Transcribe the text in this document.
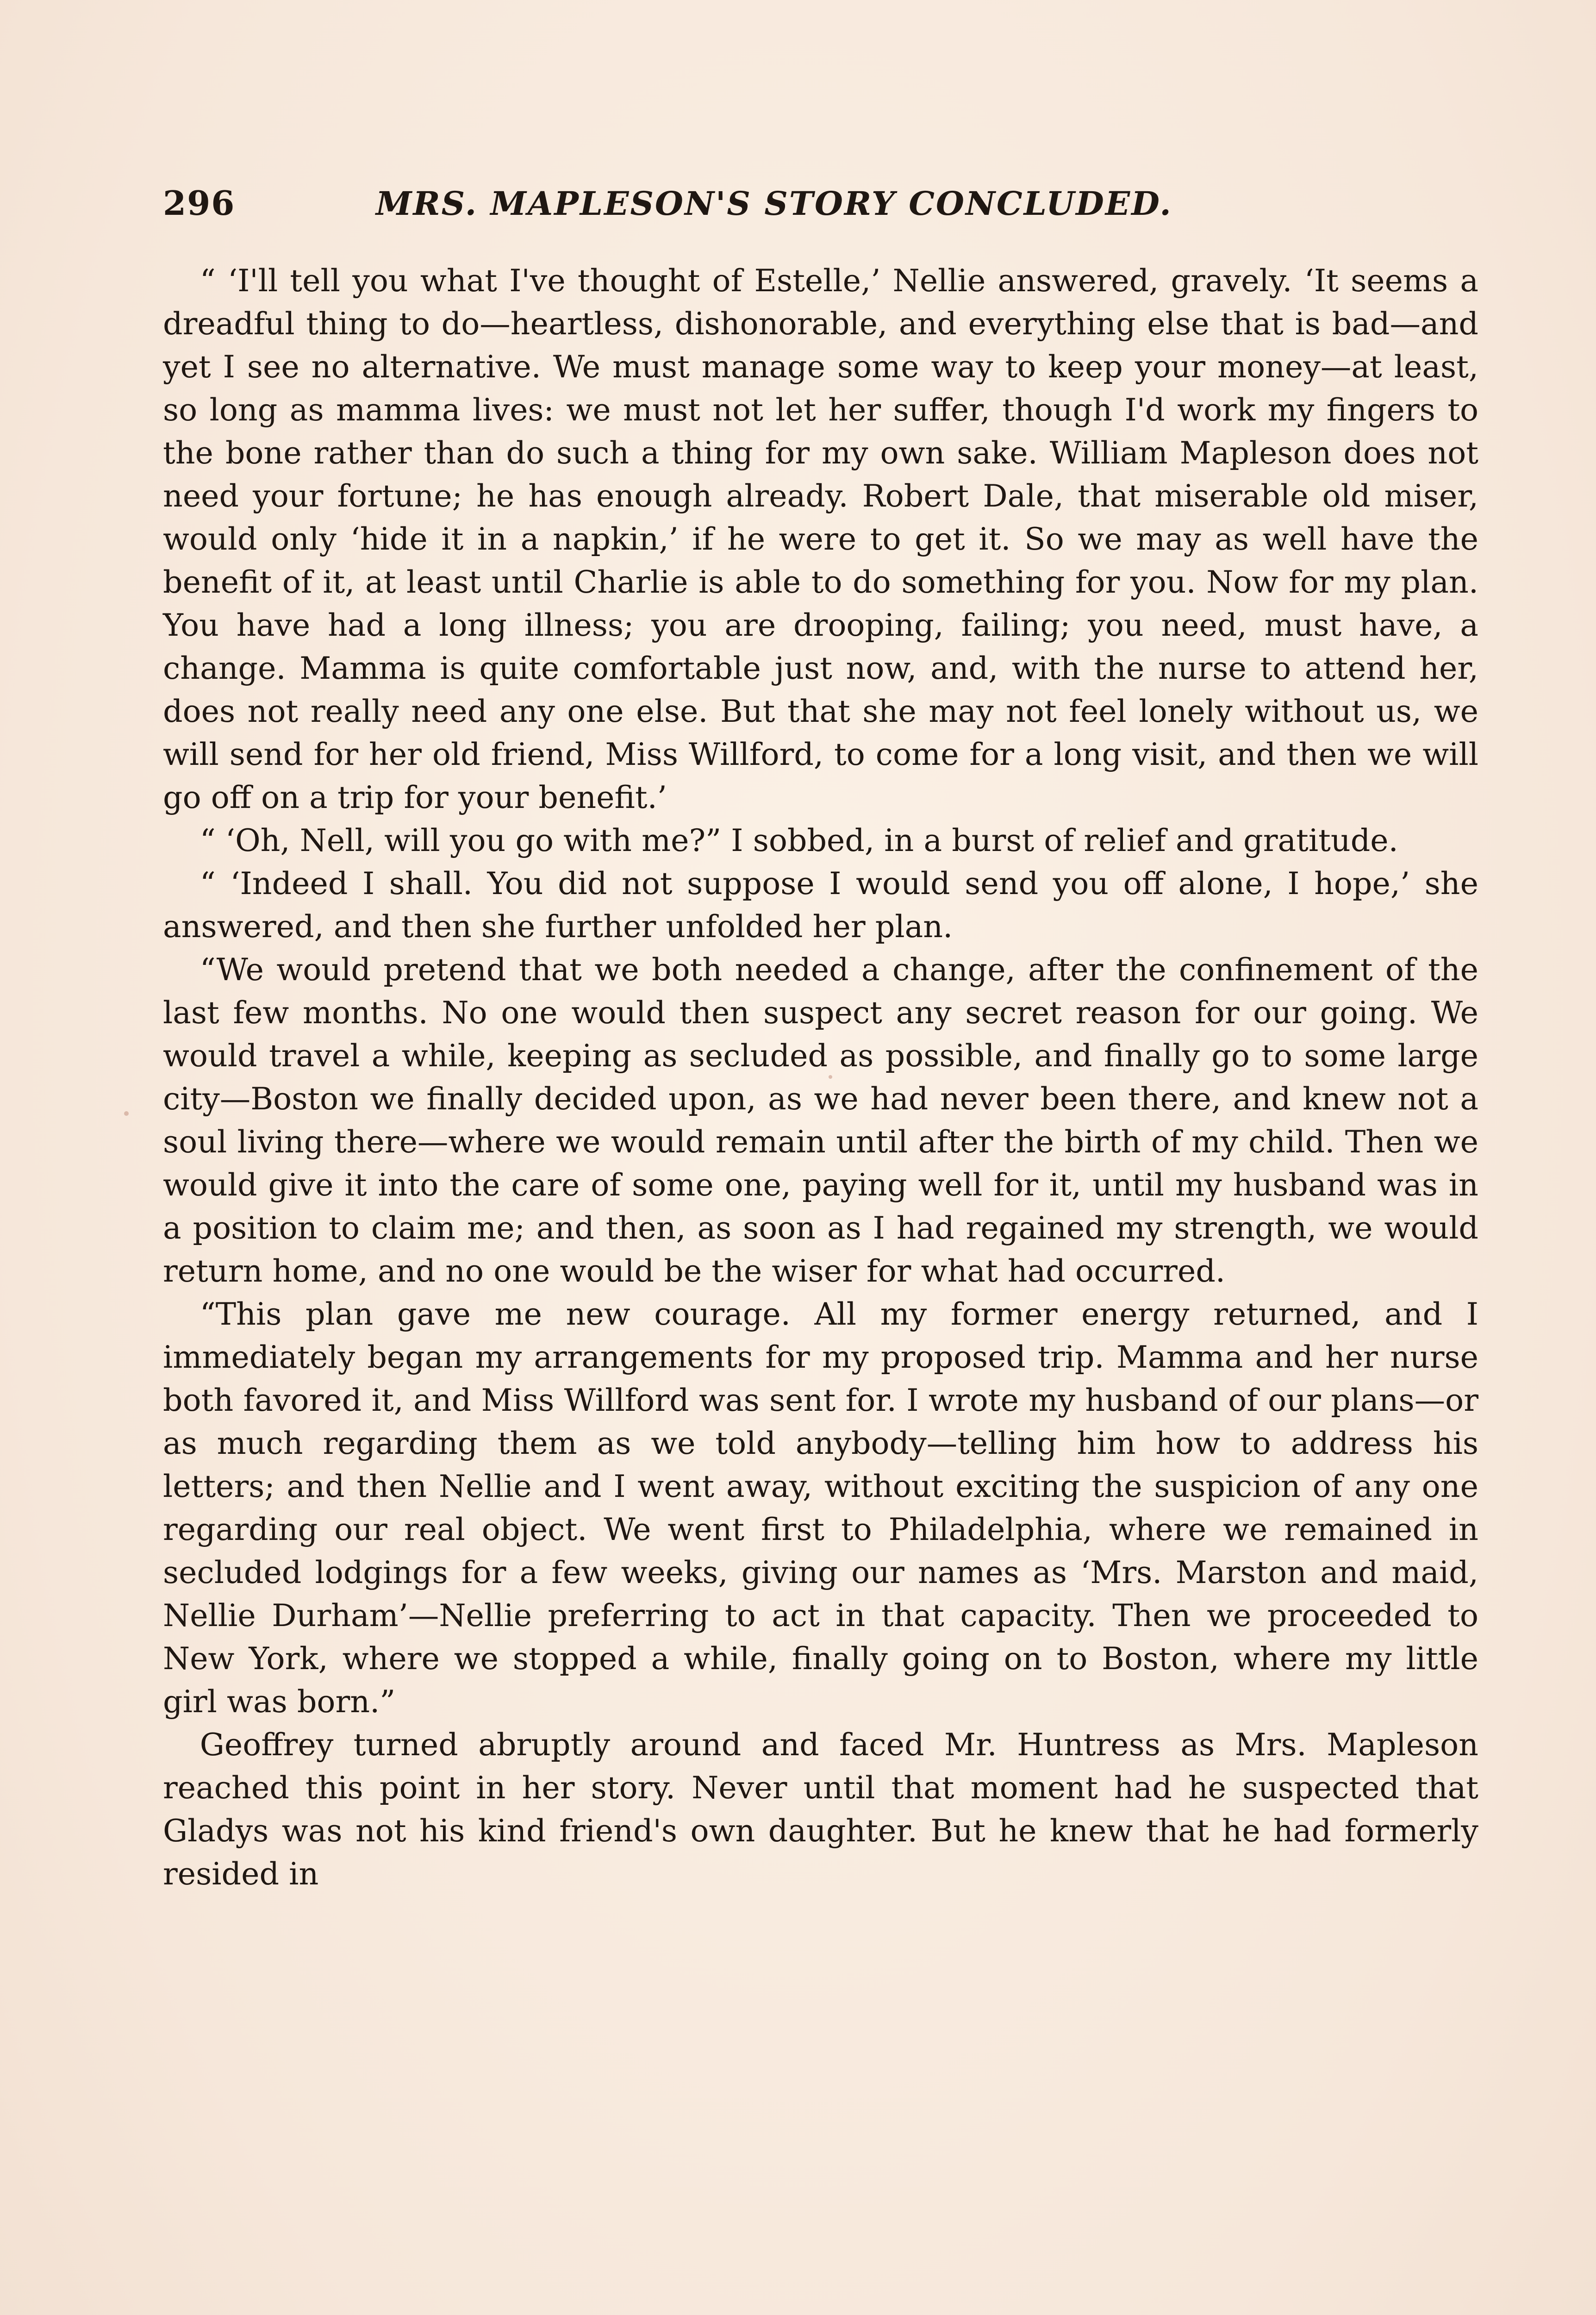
296	MRS. MAPLESON'S STORY CONCLUDED.

“ ‘I'll tell you what I've thought of Estelle,’ Nellie answered, gravely. ‘It seems a dreadful thing to do—heartless, dishonorable, and everything else that is bad—and yet I see no alternative. We must manage some way to keep your money—at least, so long as mamma lives: we must not let her suffer, though I'd work my fingers to the bone rather than do such a thing for my own sake. William Mapleson does not need your fortune; he has enough already. Robert Dale, that miserable old miser, would only ‘hide it in a napkin,’ if he were to get it. So we may as well have the benefit of it, at least until Charlie is able to do something for you. Now for my plan. You have had a long illness; you are drooping, failing; you need, must have, a change. Mamma is quite comfortable just now, and, with the nurse to attend her, does not really need any one else. But that she may not feel lonely without us, we will send for her old friend, Miss Willford, to come for a long visit, and then we will go off on a trip for your benefit.’

“ ‘Oh, Nell, will you go with me?” I sobbed, in a burst of relief and gratitude.

“ ‘Indeed I shall. You did not suppose I would send you off alone, I hope,’ she answered, and then she further unfolded her plan.

“We would pretend that we both needed a change, after the confinement of the last few months. No one would then suspect any secret reason for our going. We would travel a while, keeping as secluded as possible, and finally go to some large city—Boston we finally decided upon, as we had never been there, and knew not a soul living there—where we would remain until after the birth of my child. Then we would give it into the care of some one, paying well for it, until my husband was in a position to claim me; and then, as soon as I had regained my strength, we would return home, and no one would be the wiser for what had occurred.

“This plan gave me new courage. All my former energy returned, and I immediately began my arrangements for my proposed trip. Mamma and her nurse both favored it, and Miss Willford was sent for. I wrote my husband of our plans—or as much regarding them as we told anybody—telling him how to address his letters; and then Nellie and I went away, without exciting the suspicion of any one regarding our real object. We went first to Philadelphia, where we remained in secluded lodgings for a few weeks, giving our names as ‘Mrs. Marston and maid, Nellie Durham’—Nellie preferring to act in that capacity. Then we proceeded to New York, where we stopped a while, finally going on to Boston, where my little girl was born.”

Geoffrey turned abruptly around and faced Mr. Huntress as Mrs. Mapleson reached this point in her story. Never until that moment had he suspected that Gladys was not his kind friend's own daughter. But he knew that he had formerly resided in
